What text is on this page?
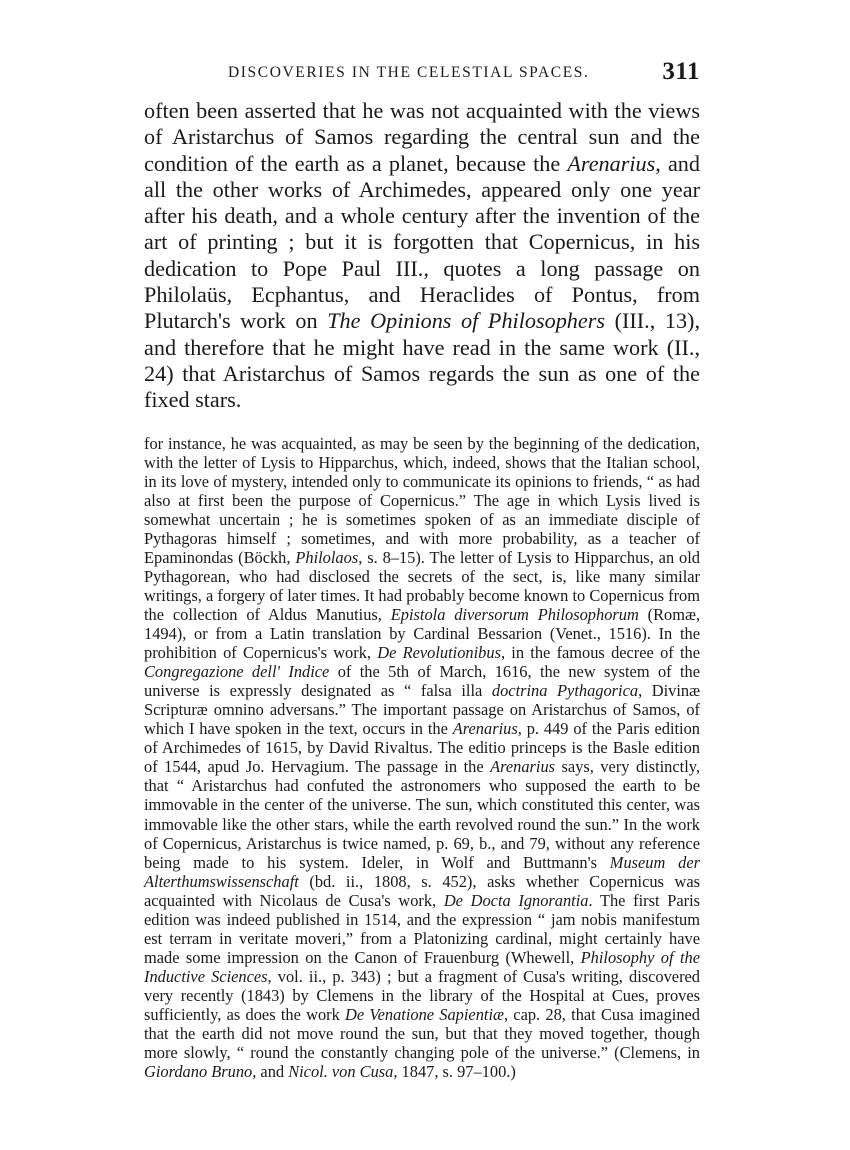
DISCOVERIES IN THE CELESTIAL SPACES.	311

often been asserted that he was not acquainted with the views of Aristarchus of Samos regarding the central sun and the condition of the earth as a planet, because the Arenarius, and all the other works of Archimedes, appeared only one year after his death, and a whole century after the invention of the art of printing ; but it is forgotten that Copernicus, in his dedication to Pope Paul III., quotes a long passage on Philolaüs, Ecphantus, and Heraclides of Pontus, from Plutarch's work on The Opinions of Philosophers (III., 13), and therefore that he might have read in the same work (II., 24) that Aristarchus of Samos regards the sun as one of the fixed stars.

for instance, he was acquainted, as may be seen by the beginning of the dedication, with the letter of Lysis to Hipparchus, which, indeed, shows that the Italian school, in its love of mystery, intended only to communicate its opinions to friends, “ as had also at first been the purpose of Copernicus.” The age in which Lysis lived is somewhat uncertain ; he is sometimes spoken of as an immediate disciple of Pythagoras himself ; sometimes, and with more probability, as a teacher of Epaminondas (Böckh, Philolaos, s. 8–15). The letter of Lysis to Hipparchus, an old Pythagorean, who had disclosed the secrets of the sect, is, like many similar writings, a forgery of later times. It had probably become known to Copernicus from the collection of Aldus Manutius, Epistola diversorum Philosophorum (Romæ, 1494), or from a Latin translation by Cardinal Bessarion (Venet., 1516). In the prohibition of Copernicus's work, De Revolutionibus, in the famous decree of the Congregazione dell' Indice of the 5th of March, 1616, the new system of the universe is expressly designated as “ falsa illa doctrina Pythagorica, Divinæ Scripturæ omnino adversans.” The important passage on Aristarchus of Samos, of which I have spoken in the text, occurs in the Arenarius, p. 449 of the Paris edition of Archimedes of 1615, by David Rivaltus. The editio princeps is the Basle edition of 1544, apud Jo. Hervagium. The passage in the Arenarius says, very distinctly, that “ Aristarchus had confuted the astronomers who supposed the earth to be immovable in the center of the universe. The sun, which constituted this center, was immovable like the other stars, while the earth revolved round the sun.” In the work of Copernicus, Aristarchus is twice named, p. 69, b., and 79, without any reference being made to his system. Ideler, in Wolf and Buttmann's Museum der Alterthumswissenschaft (bd. ii., 1808, s. 452), asks whether Copernicus was acquainted with Nicolaus de Cusa's work, De Docta Ignorantia. The first Paris edition was indeed published in 1514, and the expression “ jam nobis manifestum est terram in veritate moveri,” from a Platonizing cardinal, might certainly have made some impression on the Canon of Frauenburg (Whewell, Philosophy of the Inductive Sciences, vol. ii., p. 343) ; but a fragment of Cusa's writing, discovered very recently (1843) by Clemens in the library of the Hospital at Cues, proves sufficiently, as does the work De Venatione Sapientiæ, cap. 28, that Cusa imagined that the earth did not move round the sun, but that they moved together, though more slowly, “ round the constantly changing pole of the universe.” (Clemens, in Giordano Bruno, and Nicol. von Cusa, 1847, s. 97–100.)
